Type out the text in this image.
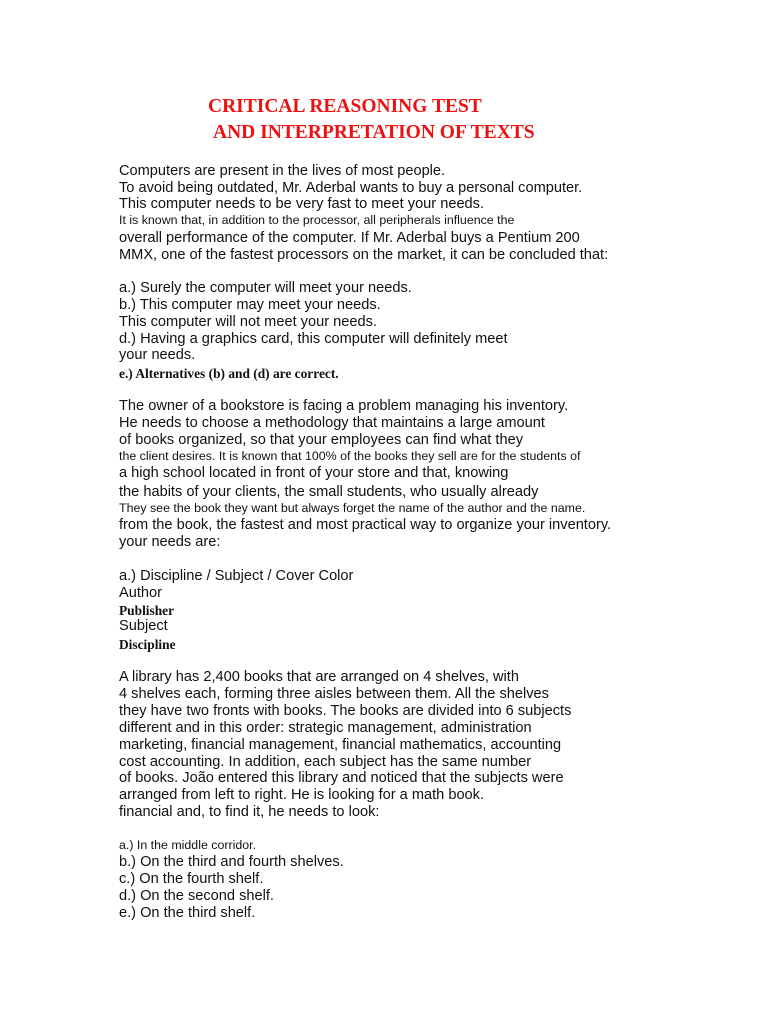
CRITICAL REASONING TEST
AND INTERPRETATION OF TEXTS
Computers are present in the lives of most people.
To avoid being outdated, Mr. Aderbal wants to buy a personal computer.
This computer needs to be very fast to meet your needs.
It is known that, in addition to the processor, all peripherals influence the
overall performance of the computer. If Mr. Aderbal buys a Pentium 200
MMX, one of the fastest processors on the market, it can be concluded that:
a.) Surely the computer will meet your needs.
b.) This computer may meet your needs.
This computer will not meet your needs.
d.) Having a graphics card, this computer will definitely meet
your needs.
e.) Alternatives (b) and (d) are correct.
The owner of a bookstore is facing a problem managing his inventory.
He needs to choose a methodology that maintains a large amount
of books organized, so that your employees can find what they
the client desires. It is known that 100% of the books they sell are for the students of
a high school located in front of your store and that, knowing
the habits of your clients, the small students, who usually already
They see the book they want but always forget the name of the author and the name.
from the book, the fastest and most practical way to organize your inventory.
your needs are:
a.) Discipline / Subject / Cover Color
Author
Publisher
Subject
Discipline
A library has 2,400 books that are arranged on 4 shelves, with
4 shelves each, forming three aisles between them. All the shelves
they have two fronts with books. The books are divided into 6 subjects
different and in this order: strategic management, administration
marketing, financial management, financial mathematics, accounting
cost accounting. In addition, each subject has the same number
of books. João entered this library and noticed that the subjects were
arranged from left to right. He is looking for a math book.
financial and, to find it, he needs to look:
a.) In the middle corridor.
b.) On the third and fourth shelves.
c.) On the fourth shelf.
d.) On the second shelf.
e.) On the third shelf.
